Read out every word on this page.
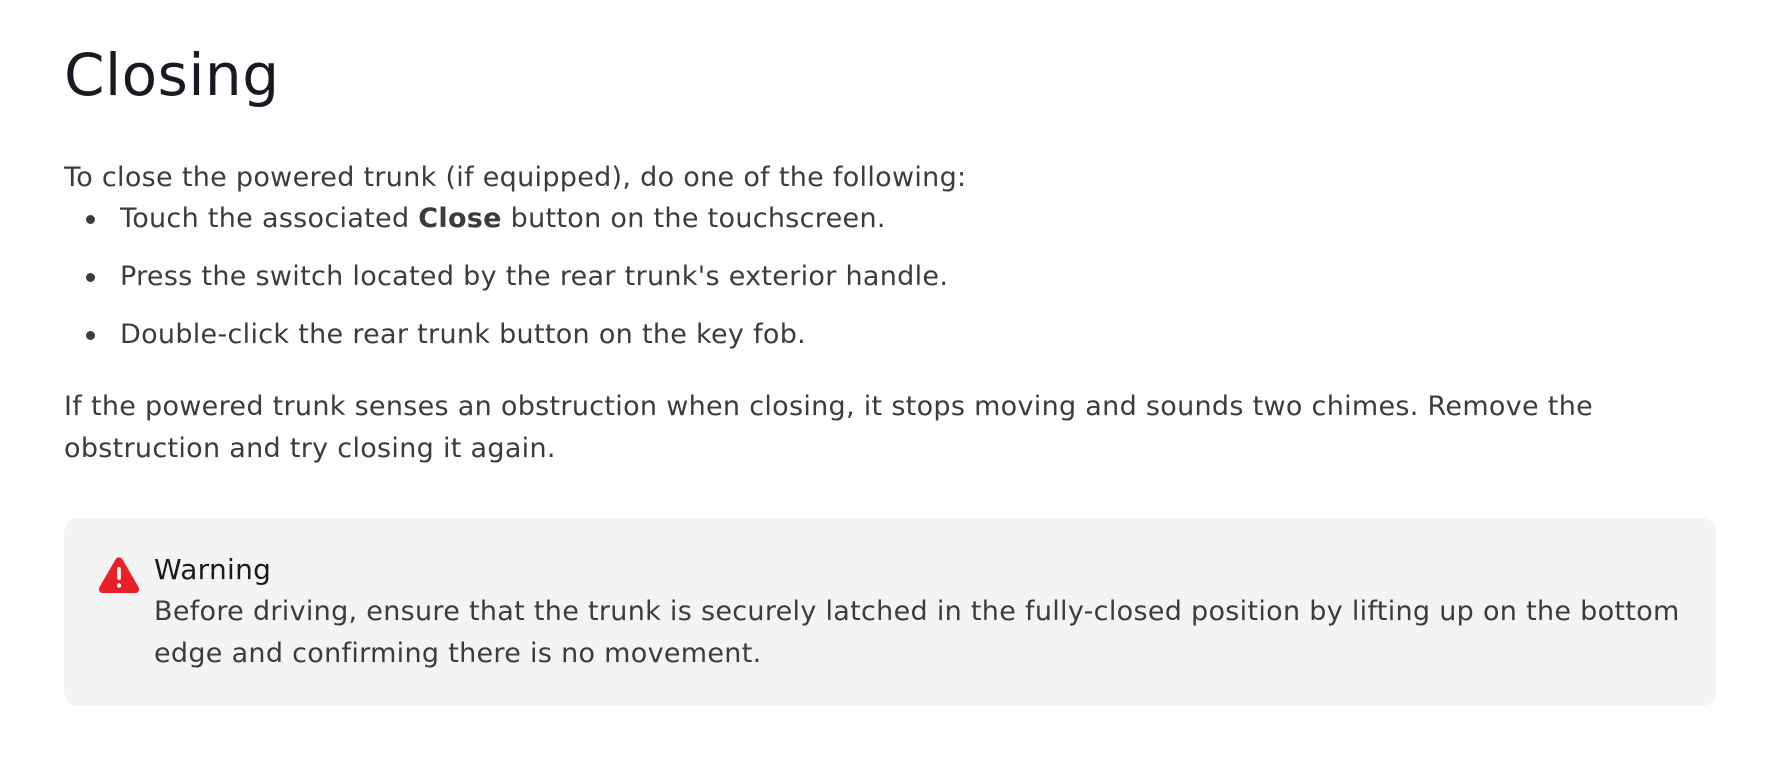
Closing

To close the powered trunk (if equipped), do one of the following:

Touch the associated Close button on the touchscreen.
Press the switch located by the rear trunk's exterior handle.
Double-click the rear trunk button on the key fob.

If the powered trunk senses an obstruction when closing, it stops moving and sounds two chimes. Remove the obstruction and try closing it again.

Warning
Before driving, ensure that the trunk is securely latched in the fully-closed position by lifting up on the bottom edge and confirming there is no movement.
